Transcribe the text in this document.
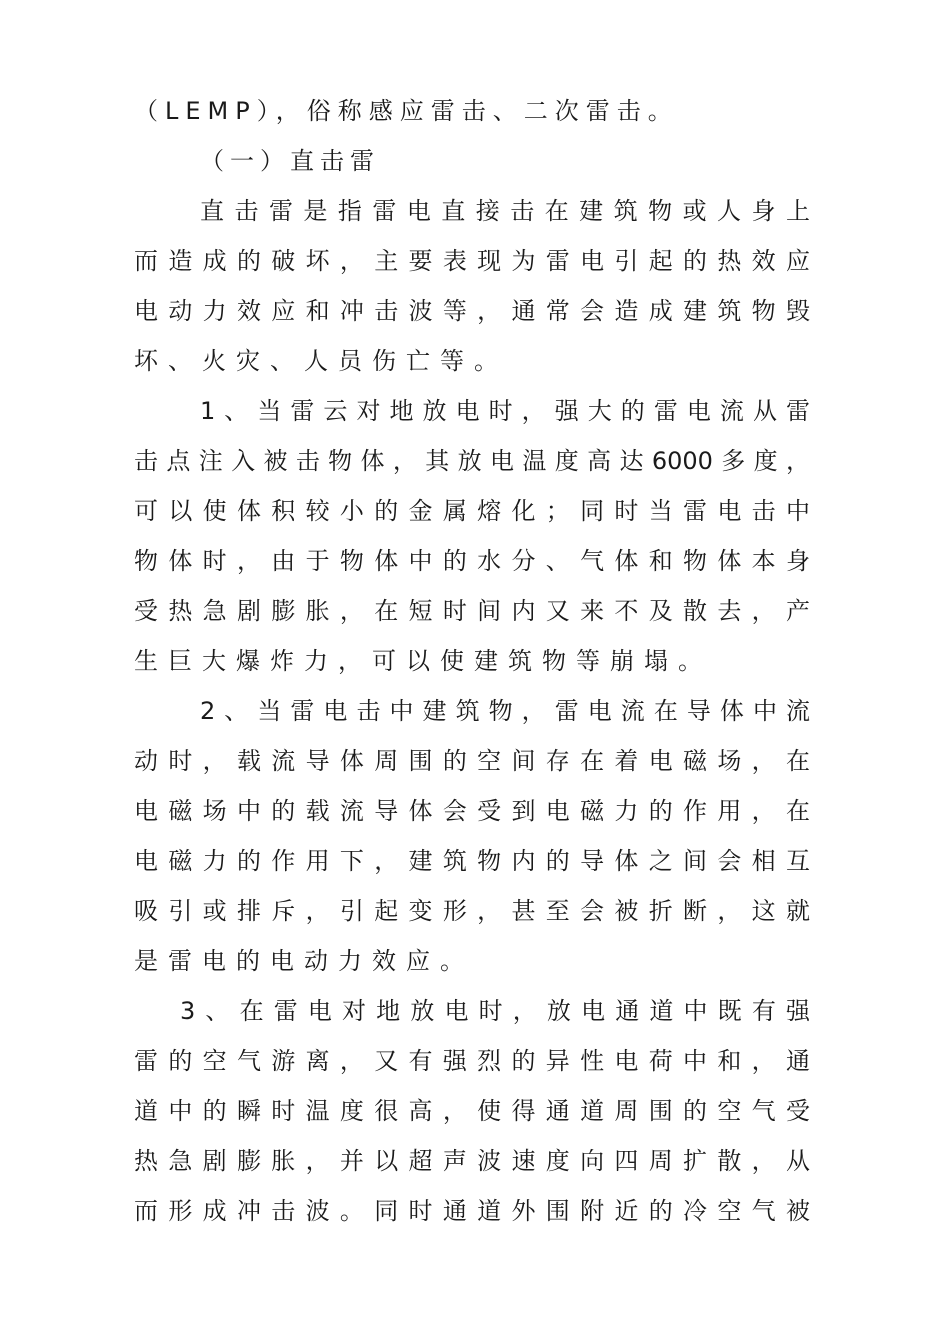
（LEMP），俗称感应雷击、二次雷击。
（一）直击雷
直击雷是指雷电直接击在建筑物或人身上
而造成的破坏，主要表现为雷电引起的热效应
电动力效应和冲击波等，通常会造成建筑物毁
坏、火灾、人员伤亡等。
1、当雷云对地放电时，强大的雷电流从雷
击点注入被击物体，其放电温度高达6000多度，
可以使体积较小的金属熔化；同时当雷电击中
物体时，由于物体中的水分、气体和物体本身
受热急剧膨胀，在短时间内又来不及散去，产
生巨大爆炸力，可以使建筑物等崩塌。
2、当雷电击中建筑物，雷电流在导体中流
动时，载流导体周围的空间存在着电磁场，在
电磁场中的载流导体会受到电磁力的作用，在
电磁力的作用下，建筑物内的导体之间会相互
吸引或排斥，引起变形，甚至会被折断，这就
是雷电的电动力效应。
3、在雷电对地放电时，放电通道中既有强
雷的空气游离，又有强烈的异性电荷中和，通
道中的瞬时温度很高，使得通道周围的空气受
热急剧膨胀，并以超声波速度向四周扩散，从
而形成冲击波。同时通道外围附近的冷空气被
